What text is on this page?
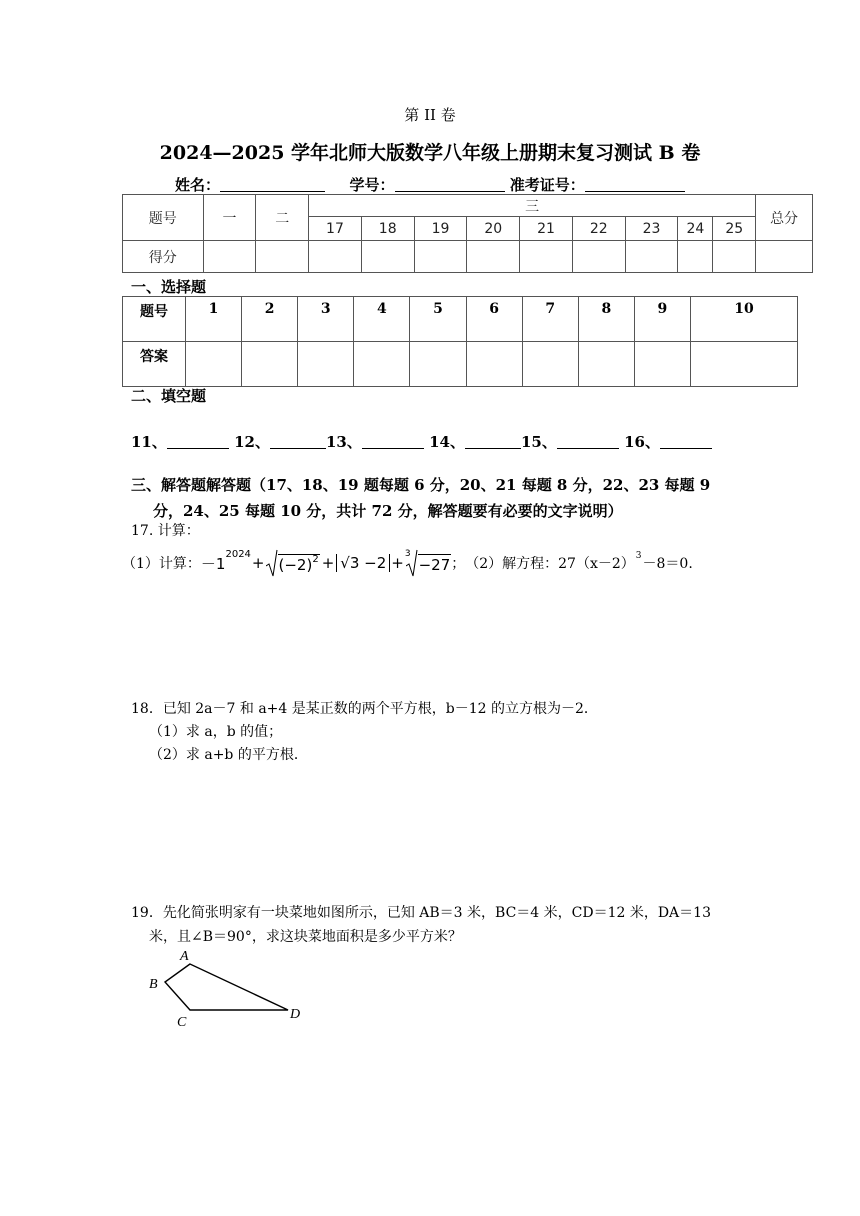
第 II 卷
2024—2025 学年北师大版数学八年级上册期末复习测试 B 卷
姓名：	学号：	准考证号：
题号	一	二	三									总分
			17	18	19	20	21	22	23	24	25	
得分												
一、选择题
题号	1	2	3	4	5	6	7	8	9	10
答案										
二、填空题
11、	12、	13、	14、	15、	16、
三、解答题解答题（17、18、19 题每题 6 分，20、21 每题 8 分，22、23 每题 9
分，24、25 每题 10 分，共计 72 分，解答题要有必要的文字说明）
17. 计算：
（1）计算： －1
$2024 + (-2)^2 + √3 -2 + 3$
−27 ； （2）解方程：27（x－2） 3 －8＝0.
18．已知 2a－7 和 a+4 是某正数的两个平方根，b－12 的立方根为－2．
（1）求 a，b 的值；
（2）求 a+b 的平方根．
19．先化简张明家有一块菜地如图所示，已知 AB＝3 米，BC＝4 米，CD＝12 米，DA＝13
米，且∠B＝90°，求这块菜地面积是多少平方米？
A
B
C
D
